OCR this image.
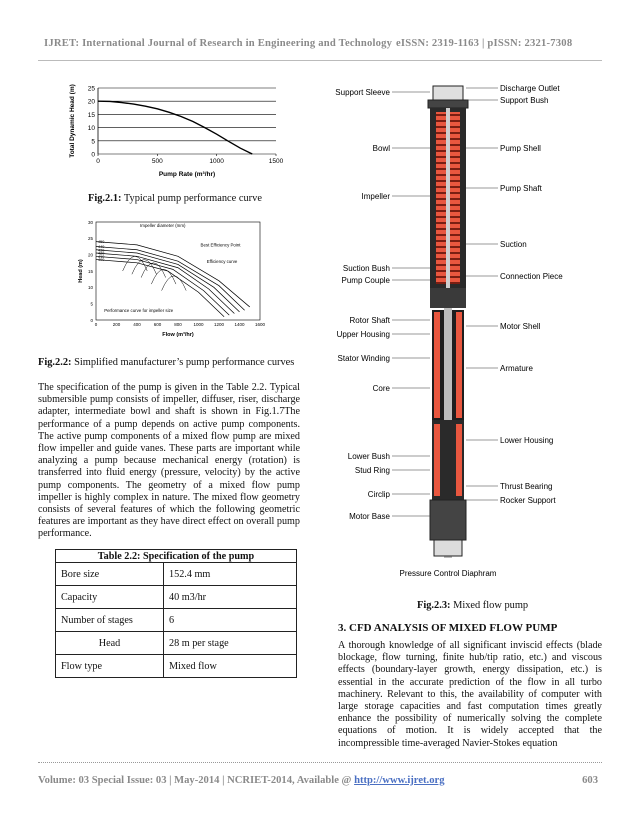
IJRET: International Journal of Research in Engineering and Technology eISSN: 2319-1163 | pISSN: 2321-7308
0
5
10
15
20
25
0	500	1000	1500
Pump Rate (m³/hr)
Total Dynamic Head (m)
Fig.2.1: Typical pump performance curve
0
5
10
15
20
25
30
0	200	400	600	800	1000 1200 1400 1600
450
440
430
420
410
400
Impeller diameter (mm)
Best Efficiency Point
Efficiency curve
Performance curve for impeller size
Flow (m³/hr)
Head (m)
Fig.2.2: Simplified manufacturer’s pump performance curves

The specification of the pump is given in the Table 2.2. Typical submersible pump consists of impeller, diffuser, riser, discharge adapter, intermediate bowl and shaft is shown in Fig.1.7The performance of a pump depends on active pump components. The active pump components of a mixed flow pump are mixed flow impeller and guide vanes. These parts are important while analyzing a pump because mechanical energy (rotation) is transferred into fluid energy (pressure, velocity) by the active pump components. The geometry of a mixed flow pump impeller is highly complex in nature. The mixed flow geometry consists of several features of which the following geometric features are important as they have direct effect on overall pump performance.

Table 2.2: Specification of the pump	
Bore size	152.4 mm
Capacity	40 m3/hr
Number of stages	6
Head	28 m per stage
Flow type	Mixed flow
Support Sleeve
Bowl
Impeller
Suction Bush
Pump Couple
Rotor Shaft
Upper Housing
Stator Winding
Core
Lower Bush
Stud Ring
Circlip
Motor Base
Discharge Outlet
Support Bush
Pump Shell
Pump Shaft
Suction
Connection Piece
Motor Shell
Armature
Lower Housing
Thrust Bearing
Rocker Support
Pressure Control Diaphram
Fig.2.3: Mixed flow pump
3. CFD ANALYSIS OF MIXED FLOW PUMP

A thorough knowledge of all significant inviscid effects (blade blockage, flow turning, finite hub/tip ratio, etc.) and viscous effects (boundary-layer growth, energy dissipation, etc.) is essential in the accurate prediction of the flow in all turbo machinery. Relevant to this, the availability of computer with large storage capacities and fast computation times greatly enhance the possibility of numerically solving the complete equations of motion. It is widely accepted that the incompressible time-averaged Navier-Stokes equation

Volume: 03 Special Issue: 03 | May-2014 | NCRIET-2014, Available @ http://www.ijret.org	603
